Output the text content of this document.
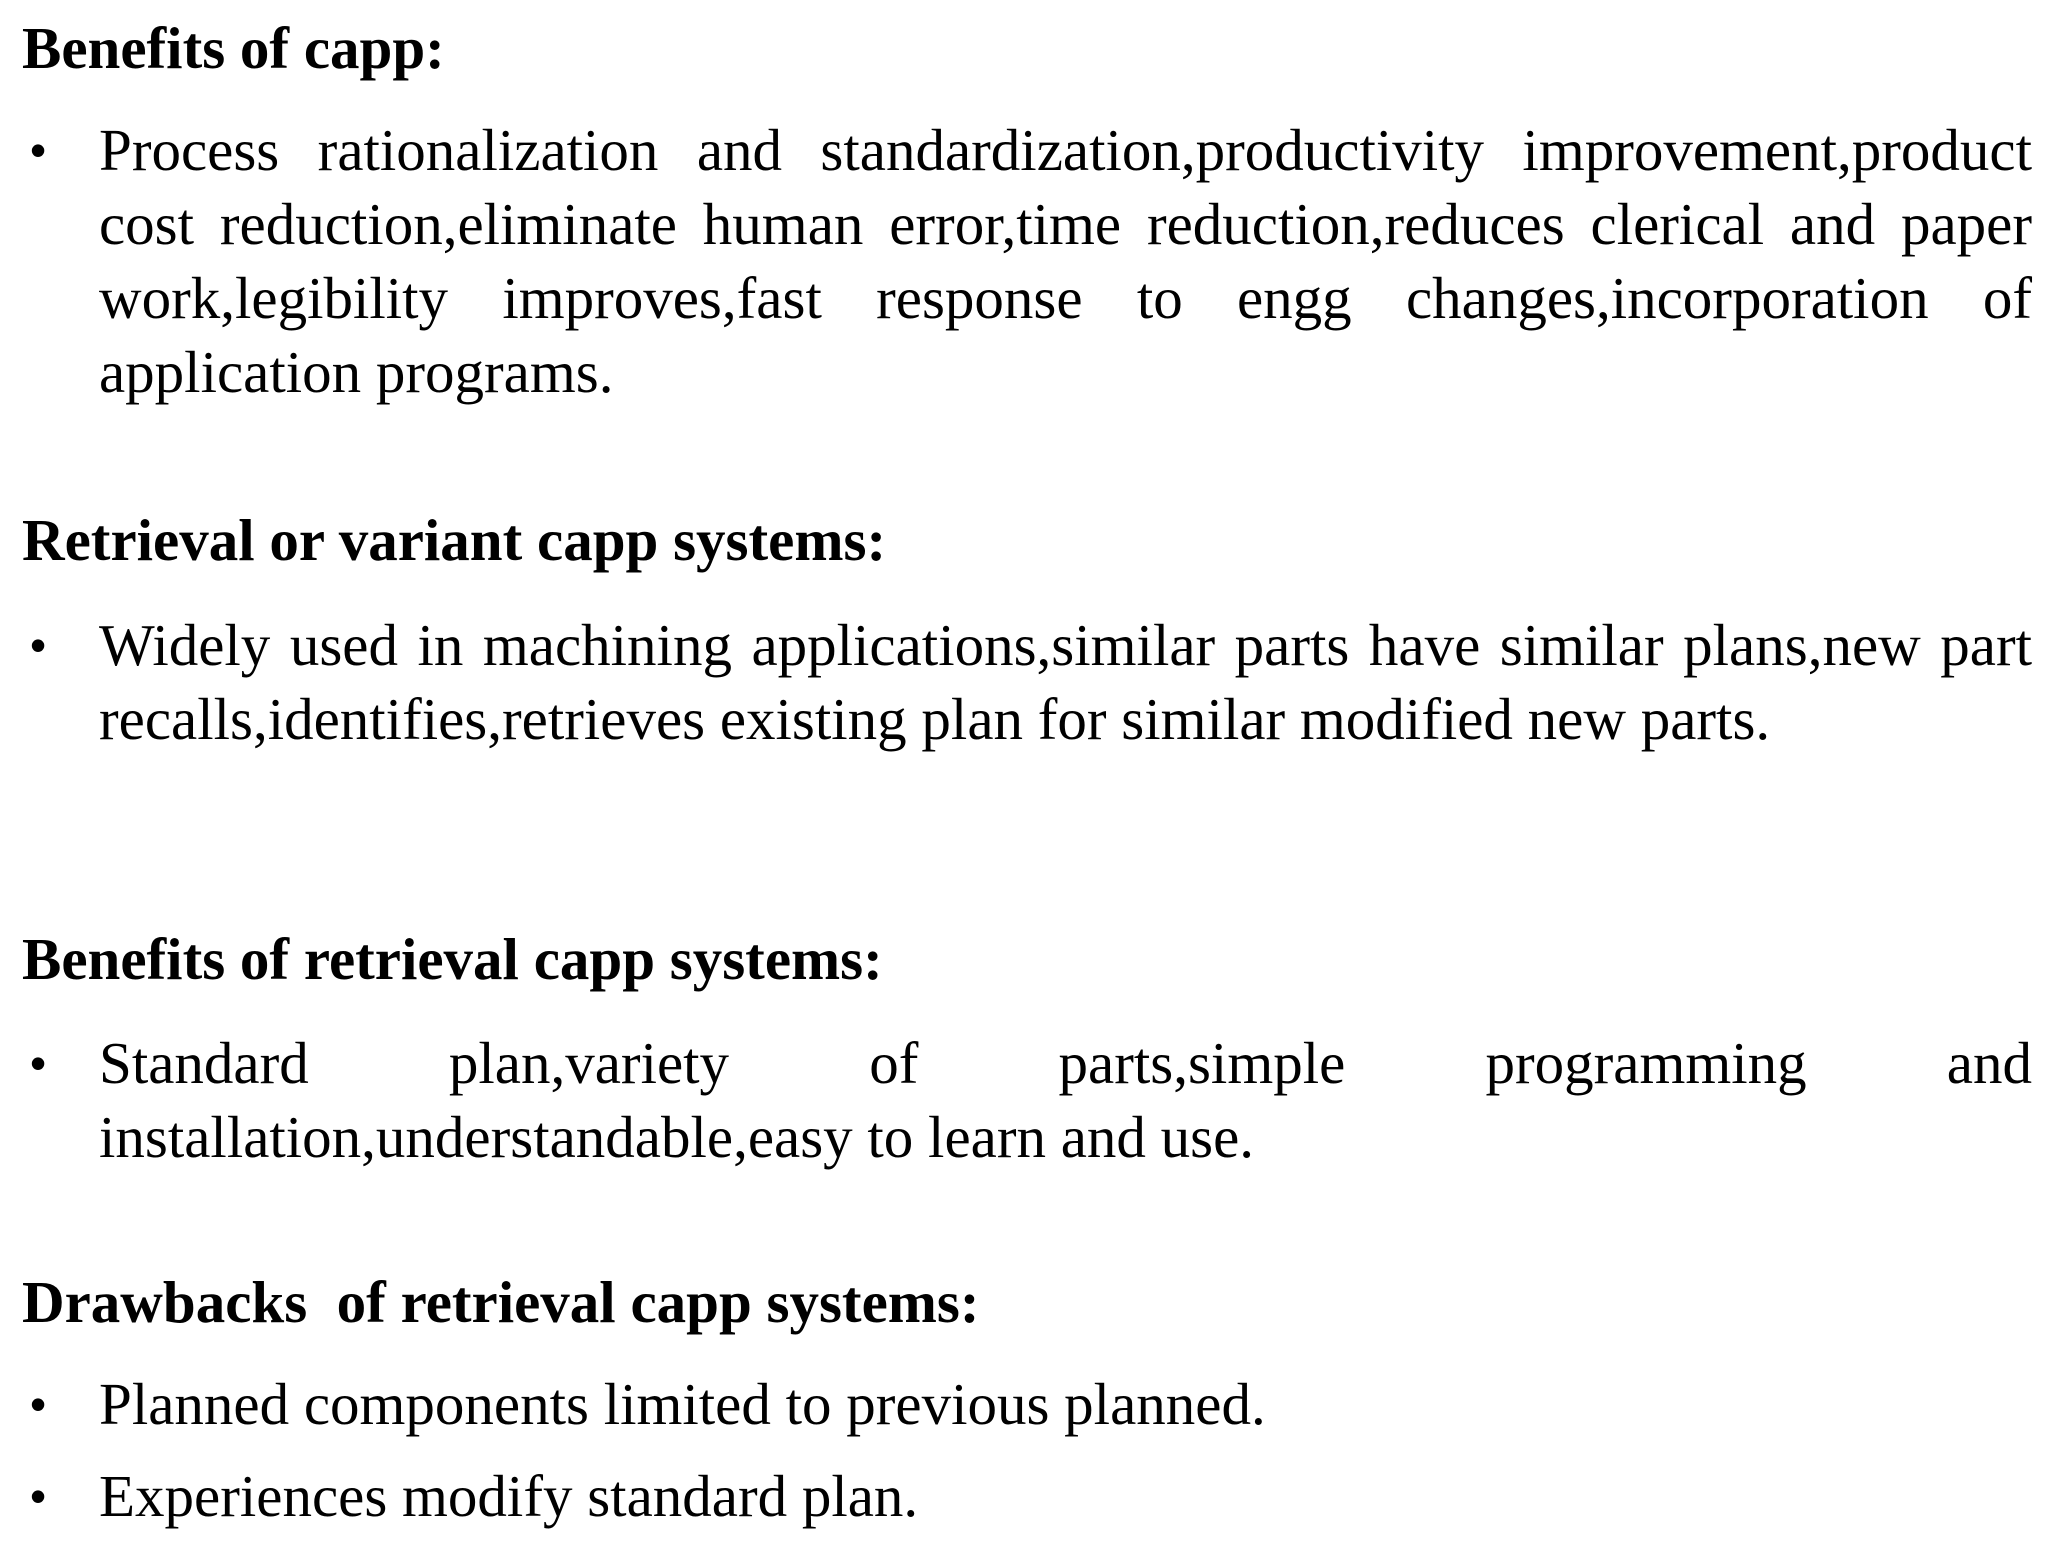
Benefits of capp:
• Process rationalization and standardization,productivity improvement,product cost reduction,eliminate human error,time reduction,reduces clerical and paper work,legibility improves,fast response to engg changes,incorporation of application programs.
Retrieval or variant capp systems:
• Widely used in machining applications,similar parts have similar plans,new part recalls,identifies,retrieves existing plan for similar modified new parts.
Benefits of retrieval capp systems:
• Standard plan,variety of parts,simple programming and installation,understandable,easy to learn and use.
Drawbacks  of retrieval capp systems:
• Planned components limited to previous planned.
• Experiences modify standard plan.
